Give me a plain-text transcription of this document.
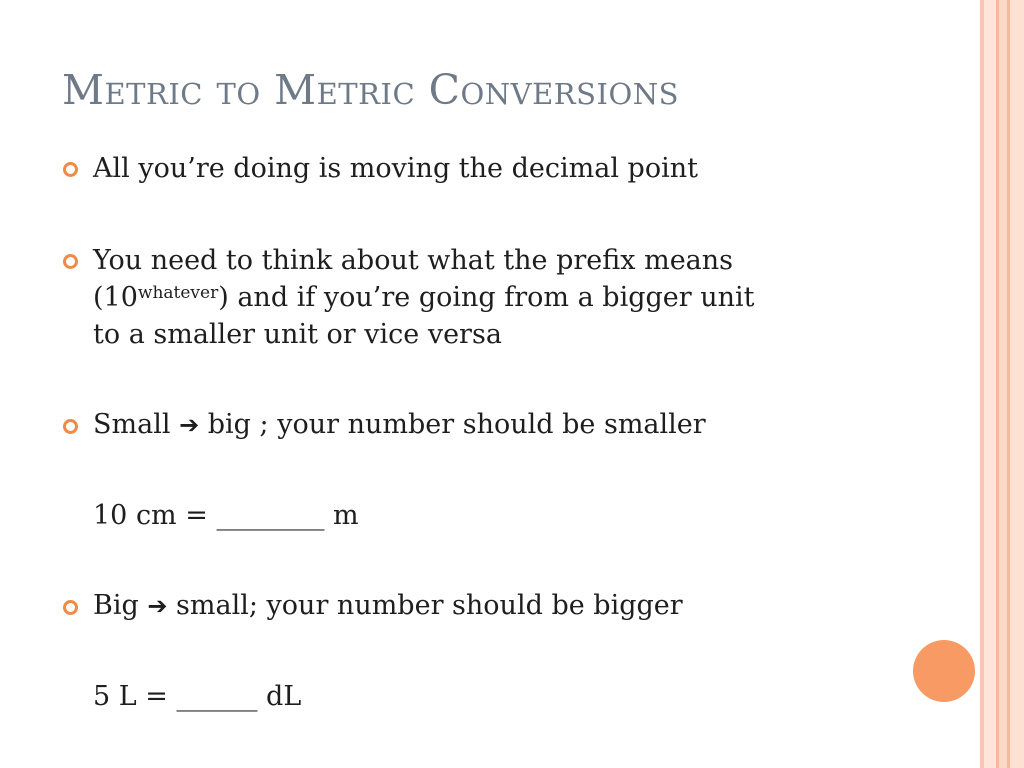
Metric to Metric Conversions
All you’re doing is moving the decimal point
You need to think about what the prefix means
$(10^{whatever})$ and if you’re going from a bigger unit
to a smaller unit or vice versa
Small ➔ big ; your number should be smaller
10 cm = ________ m
Big ➔ small; your number should be bigger
5 L = ______ dL
